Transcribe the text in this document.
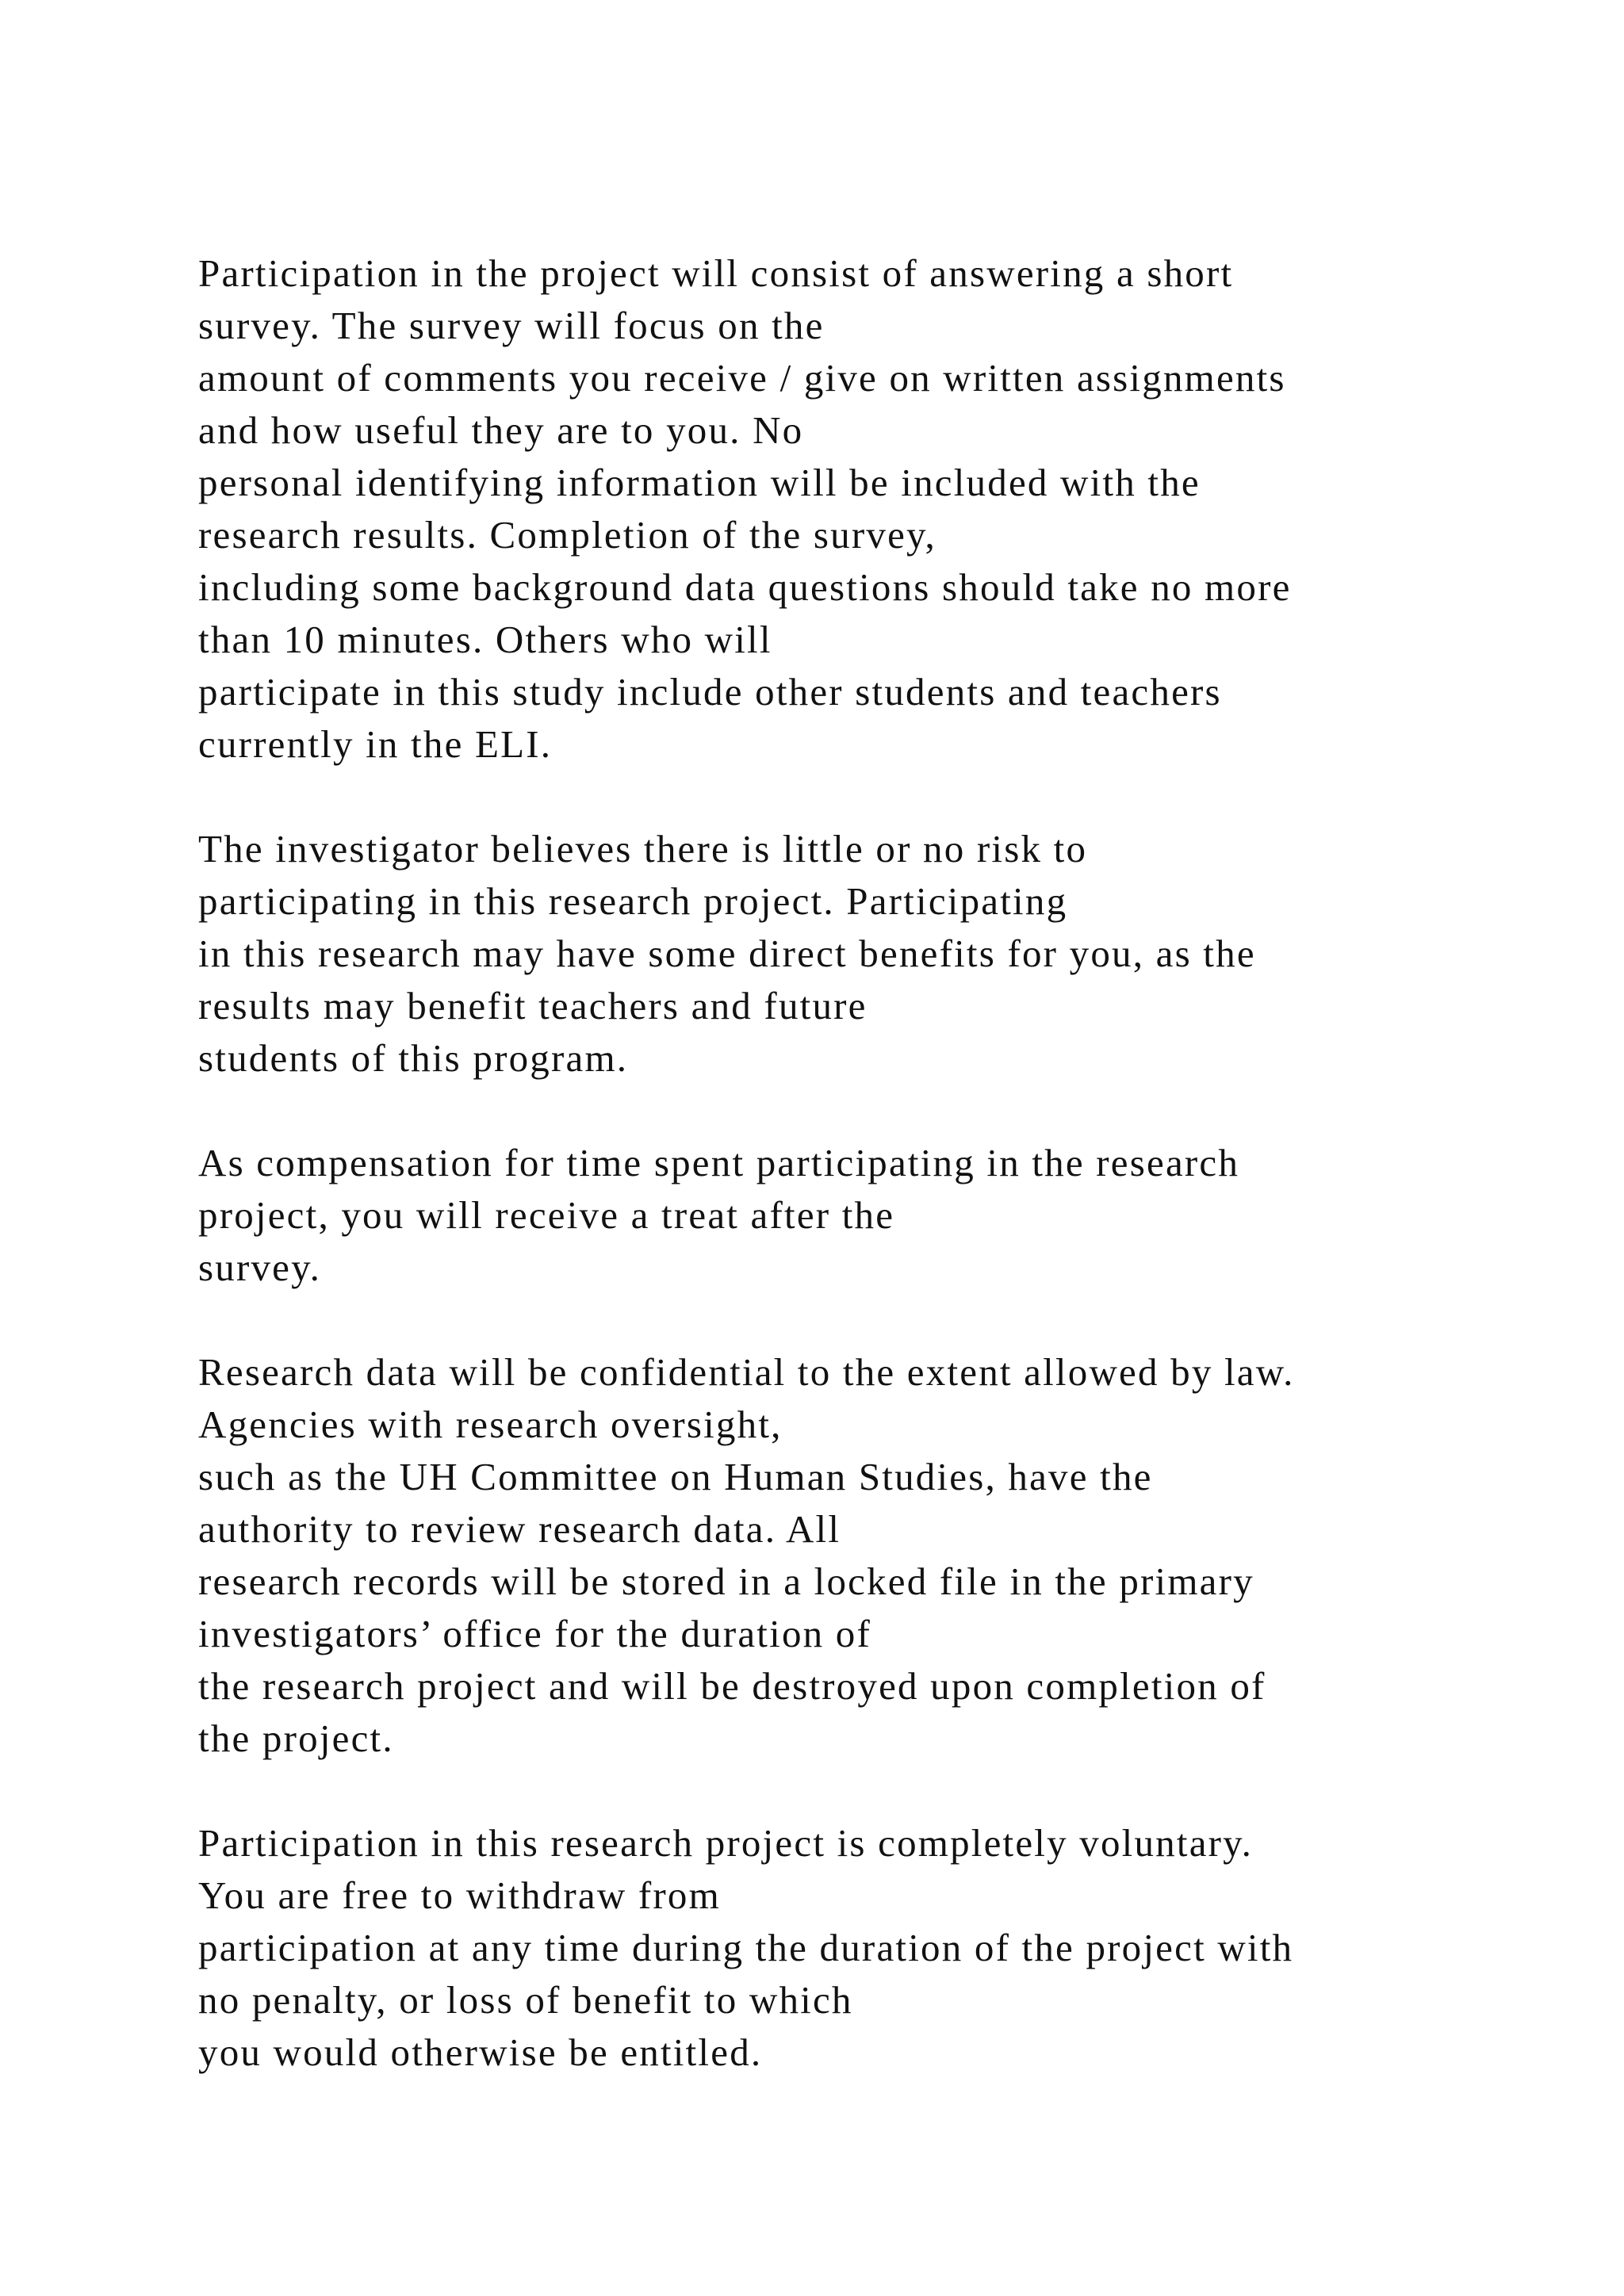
Participation in the project will consist of answering a short
survey. The survey will focus on the
amount of comments you receive / give on written assignments
and how useful they are to you. No
personal identifying information will be included with the
research results. Completion of the survey,
including some background data questions should take no more
than 10 minutes. Others who will
participate in this study include other students and teachers
currently in the ELI.
The investigator believes there is little or no risk to
participating in this research project. Participating
in this research may have some direct benefits for you, as the
results may benefit teachers and future
students of this program.
As compensation for time spent participating in the research
project, you will receive a treat after the
survey.
Research data will be confidential to the extent allowed by law.
Agencies with research oversight,
such as the UH Committee on Human Studies, have the
authority to review research data. All
research records will be stored in a locked file in the primary
investigators’ office for the duration of
the research project and will be destroyed upon completion of
the project.
Participation in this research project is completely voluntary.
You are free to withdraw from
participation at any time during the duration of the project with
no penalty, or loss of benefit to which
you would otherwise be entitled.
